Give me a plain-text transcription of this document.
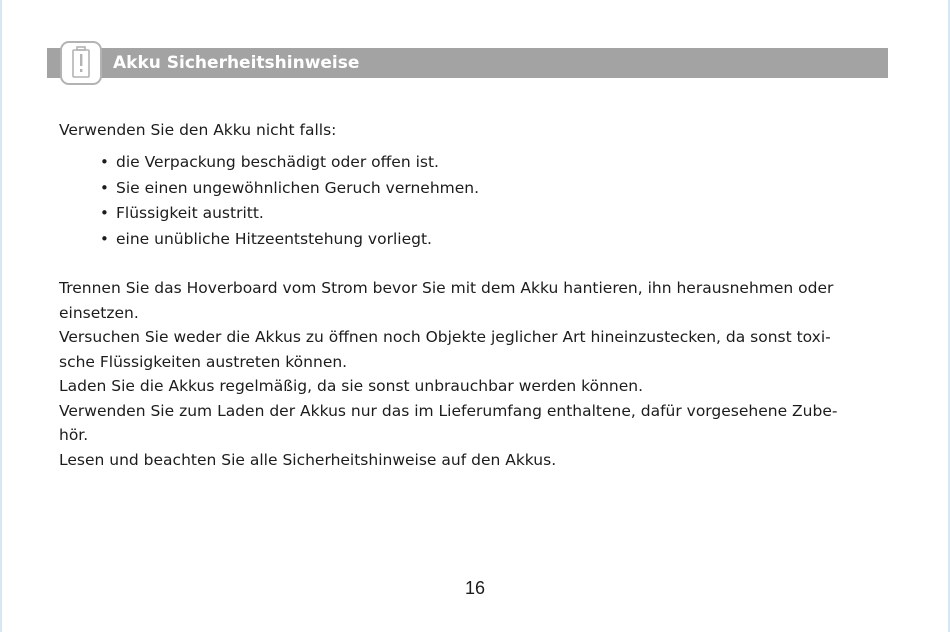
Akku Sicherheitshinweise
Verwenden Sie den Akku nicht falls:
• die Verpackung beschädigt oder offen ist.
• Sie einen ungewöhnlichen Geruch vernehmen.
• Flüssigkeit austritt.
• eine unübliche Hitzeentstehung vorliegt.

Trennen Sie das Hoverboard vom Strom bevor Sie mit dem Akku hantieren, ihn herausnehmen oder

einsetzen.

Versuchen Sie weder die Akkus zu öffnen noch Objekte jeglicher Art hineinzustecken, da sonst toxi-

sche Flüssigkeiten austreten können.

Laden Sie die Akkus regelmäßig, da sie sonst unbrauchbar werden können.

Verwenden Sie zum Laden der Akkus nur das im Lieferumfang enthaltene, dafür vorgesehene Zube-

hör.

Lesen und beachten Sie alle Sicherheitshinweise auf den Akkus.

16
